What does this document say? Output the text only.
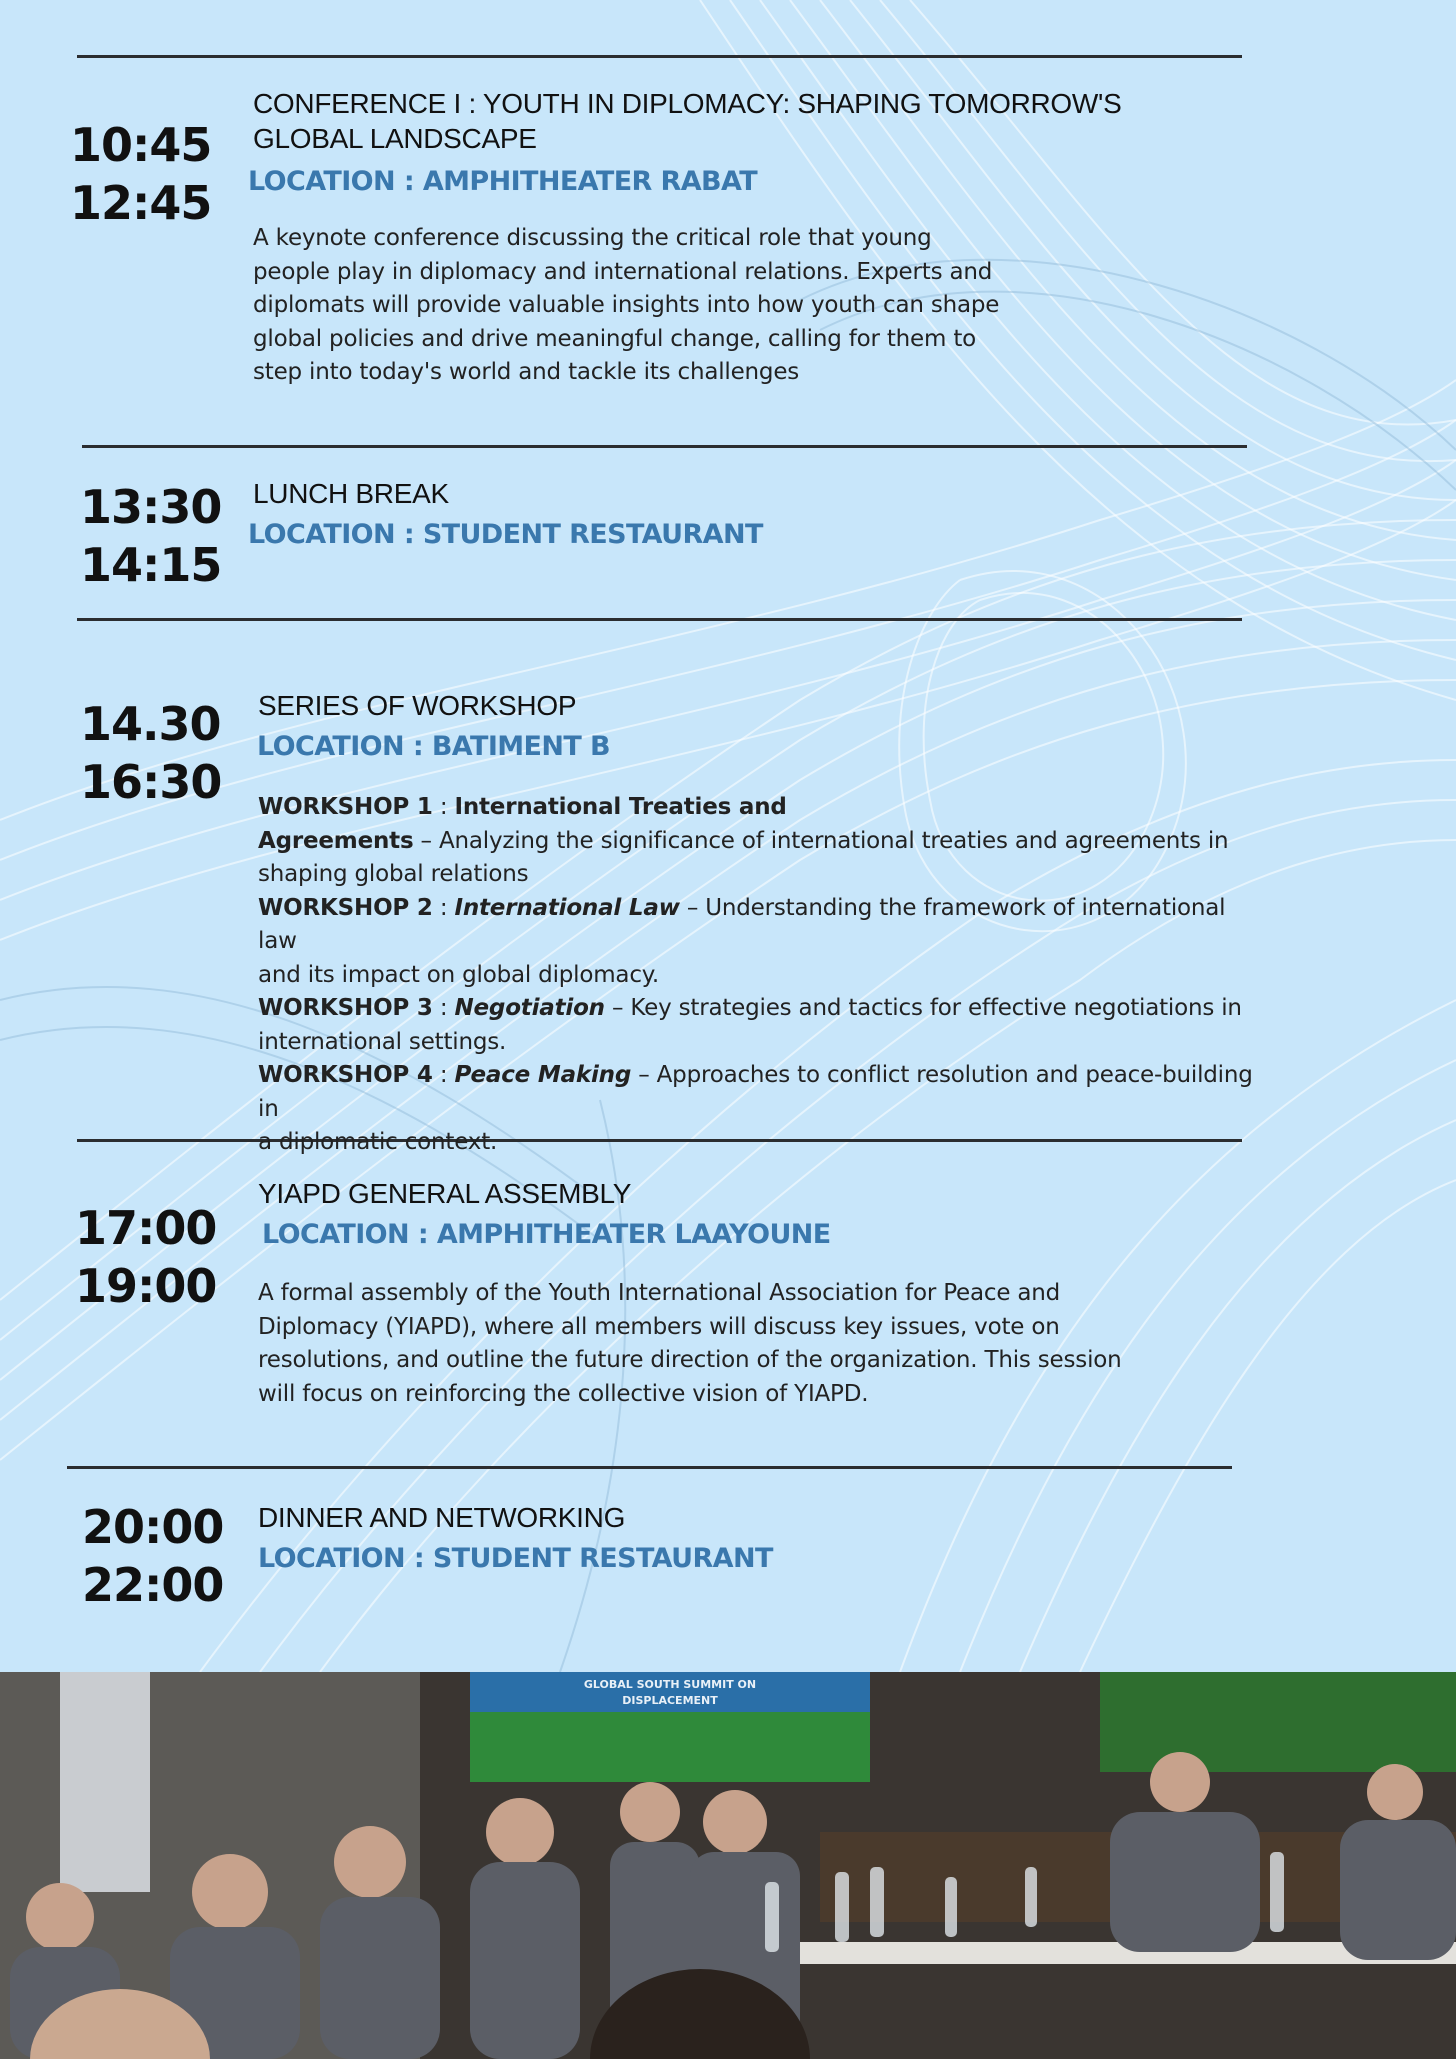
10:45
12:45
CONFERENCE I : YOUTH IN DIPLOMACY: SHAPING TOMORROW'S
GLOBAL LANDSCAPE
LOCATION : AMPHITHEATER RABAT
A keynote conference discussing the critical role that young
people play in diplomacy and international relations. Experts and
diplomats will provide valuable insights into how youth can shape
global policies and drive meaningful change, calling for them to
step into today's world and tackle its challenges
13:30
14:15
LUNCH BREAK
LOCATION : STUDENT RESTAURANT
14.30
16:30
SERIES OF WORKSHOP
LOCATION : BATIMENT B

WORKSHOP 1 : International Treaties and
Agreements – Analyzing the significance of international treaties and agreements in
shaping global relations

WORKSHOP 2 : International Law – Understanding the framework of international law
and its impact on global diplomacy.

WORKSHOP 3 : Negotiation – Key strategies and tactics for effective negotiations in
international settings.

WORKSHOP 4 : Peace Making – Approaches to conflict resolution and peace-building in
a diplomatic context.

17:00
19:00
YIAPD GENERAL ASSEMBLY
LOCATION : AMPHITHEATER LAAYOUNE
A formal assembly of the Youth International Association for Peace and
Diplomacy (YIAPD), where all members will discuss key issues, vote on
resolutions, and outline the future direction of the organization. This session
will focus on reinforcing the collective vision of YIAPD.
20:00
22:00
DINNER AND NETWORKING
LOCATION : STUDENT RESTAURANT
GLOBAL SOUTH SUMMIT ON
DISPLACEMENT
